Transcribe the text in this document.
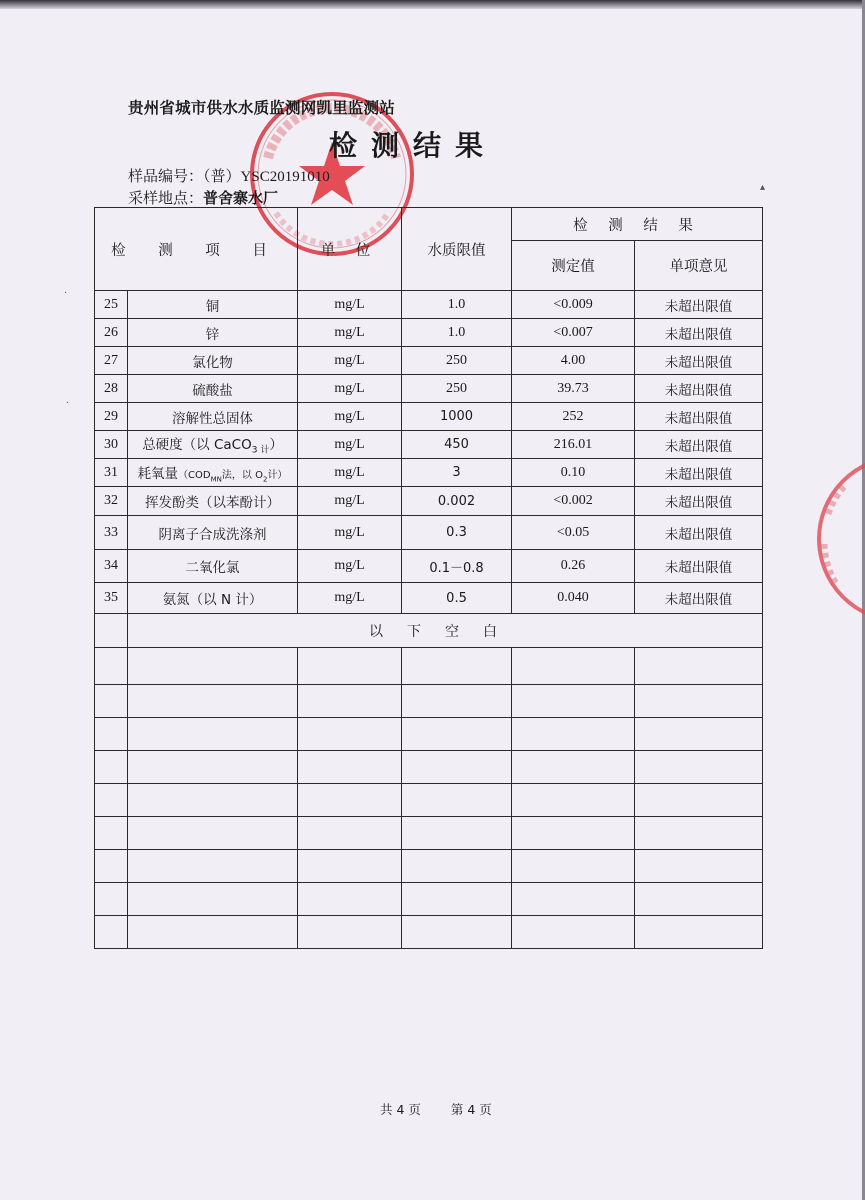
▴
·
·
贵州省城市供水水质监测网凯里监测站
检测结果
样品编号：（普）YSC20191010
采样地点：普舍寨水厂
检 测 项 目		单 位	水质限值	检 测 结 果	
				测定值	单项意见
25	铜	mg/L	1.0	<0.009	未超出限值
26	锌	mg/L	1.0	<0.007	未超出限值
27	氯化物	mg/L	250	4.00	未超出限值
28	硫酸盐	mg/L	250	39.73	未超出限值
29	溶解性总固体	mg/L	1000	252	未超出限值
30	总硬度（以 CaCO$_{3 计}$）	mg/L	450	216.01	未超出限值
31	耗氧量（$COD_{MN}$法，以 $O_2$计）	mg/L	3	0.10	未超出限值
32	挥发酚类（以苯酚计）	mg/L	0.002	<0.002	未超出限值
33	阴离子合成洗涤剂	mg/L	0.3	<0.05	未超出限值
34	二氧化氯	mg/L	0.1－0.8	0.26	未超出限值
35	氨氮（以 N 计）	mg/L	0.5	0.040	未超出限值
	以下空白				

共 4 页 第 4 页
